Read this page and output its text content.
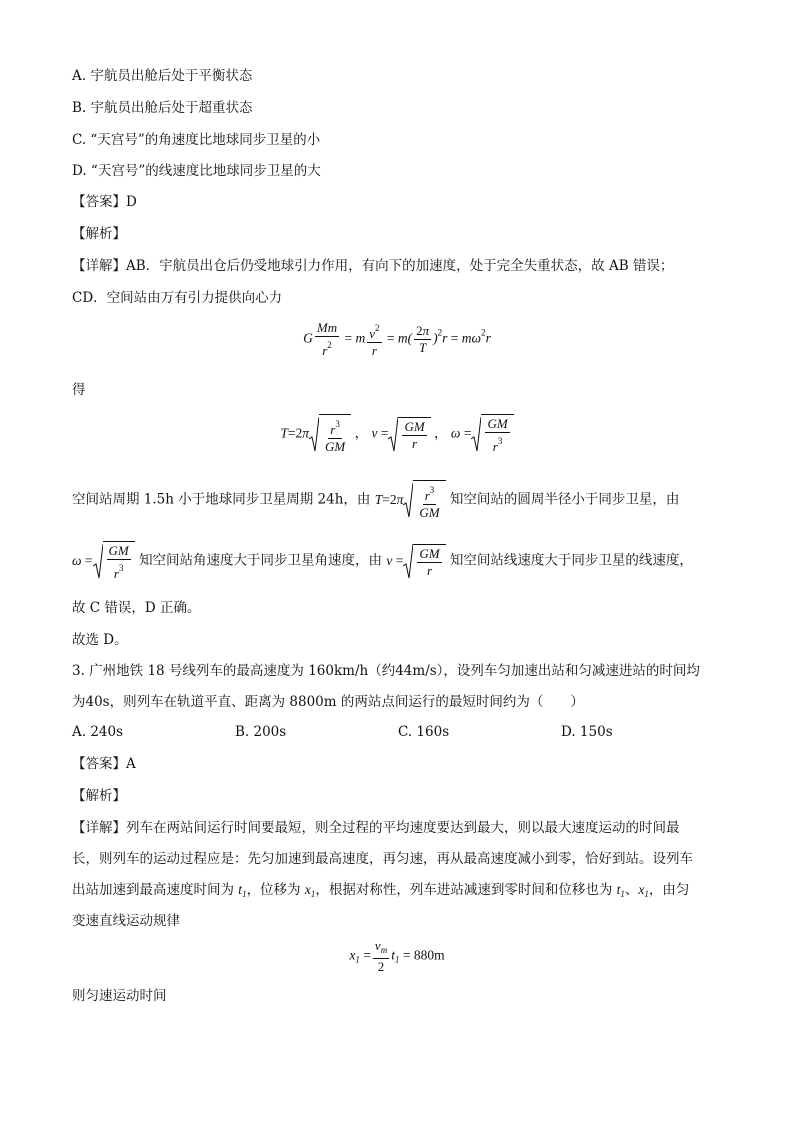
A. 宇航员出舱后处于平衡状态
B. 宇航员出舱后处于超重状态
C. “天宫号”的角速度比地球同步卫星的小
D. “天宫号”的线速度比地球同步卫星的大
【答案】D
【解析】
【详解】AB．宇航员出仓后仍受地球引力作用，有向下的加速度，处于完全失重状态，故 AB 错误；
CD．空间站由万有引力提供向心力
G $\frac{Mm}{r^2} = m \frac{v^2}{r} = m( \frac{2\pi}{T} )^2r = m\omega^2r$
得
$T=2\pi \frac{r^3}{GM}$ ， $v = \frac{GM}{r}$ ， $\omega = \frac{GM}{r^3}$
空间站周期 1.5h 小于地球同步卫星周期 24h，由 $T=2\pi \frac{r^3}{GM}$ 知空间站的圆周半径小于同步卫星，由
$\omega = \frac{GM}{r^3}$ 知空间站角速度大于同步卫星角速度，由 $v = \frac{GM}{r}$ 知空间站线速度大于同步卫星的线速度，
故 C 错误，D 正确。
故选 D。
3. 广州地铁 18 号线列车的最高速度为 160km/h（约44m/s），设列车匀加速出站和匀减速进站的时间均
为40s，则列车在轨道平直、距离为 8800m 的两站点间运行的最短时间约为（　　）
A. 240s	B. 200s	C. 160s	D. 150s
【答案】A
【解析】
【详解】列车在两站间运行时间要最短，则全过程的平均速度要达到最大，则以最大速度运动的时间最
长，则列车的运动过程应是：先匀加速到最高速度，再匀速，再从最高速度减小到零，恰好到站。设列车
出站加速到最高速度时间为 $t_1$，位移为 $x_1$，根据对称性，列车进站减速到零时间和位移也为 $t_1$、$x_1$，由匀
变速直线运动规律
$x_1 = \frac{v_m}{2} t_1 = 880m$
则匀速运动时间
